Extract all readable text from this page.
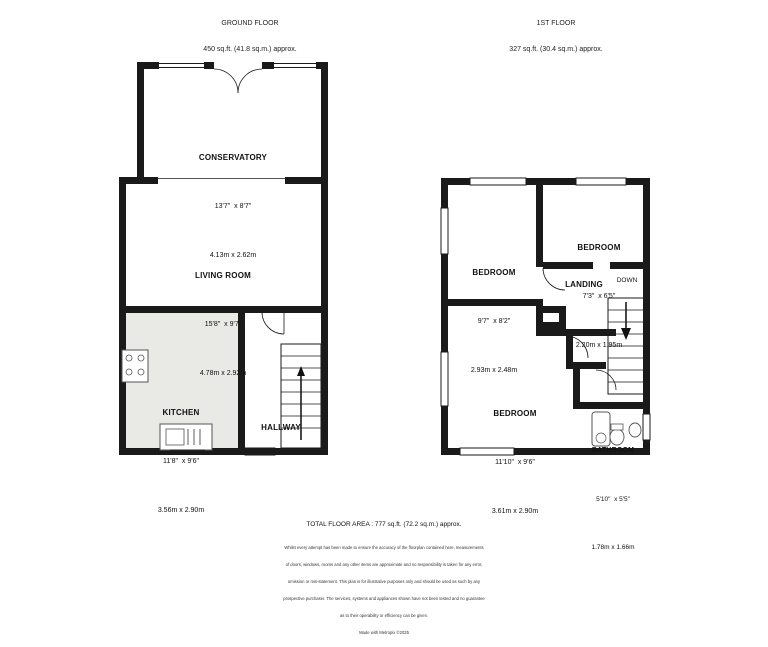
GROUND FLOOR

450 sq.ft. (41.8 sq.m.) approx.

1ST FLOOR

327 sq.ft. (30.4 sq.m.) approx.

CONSERVATORY

13'7"  x 8'7"

4.13m x 2.62m

LIVING ROOM

15'8"  x 9'7"

4.78m x 2.92m

KITCHEN

11'8"  x 9'6"

3.56m x 2.90m

HALLWAY

BEDROOM

9'7"  x 8'2"

2.93m x 2.48m

BEDROOM

7'3"  x 6'5"

2.20m x 1.95m

BEDROOM

11'10"  x 9'6"

3.61m x 2.90m

BATHROOM

5'10"  x 5'5"

1.78m x 1.66m

LANDING	DOWN
TOTAL FLOOR AREA : 777 sq.ft. (72.2 sq.m.) approx.

Whilst every attempt has been made to ensure the accuracy of the floorplan contained here, measurements

of doors, windows, rooms and any other items are approximate and no responsibility is taken for any error,

omission or mis-statement. This plan is for illustrative purposes only and should be used as such by any

prospective purchaser. The services, systems and appliances shown have not been tested and no guarantee

as to their operability or efficiency can be given.

Made with Metropix ©2025
